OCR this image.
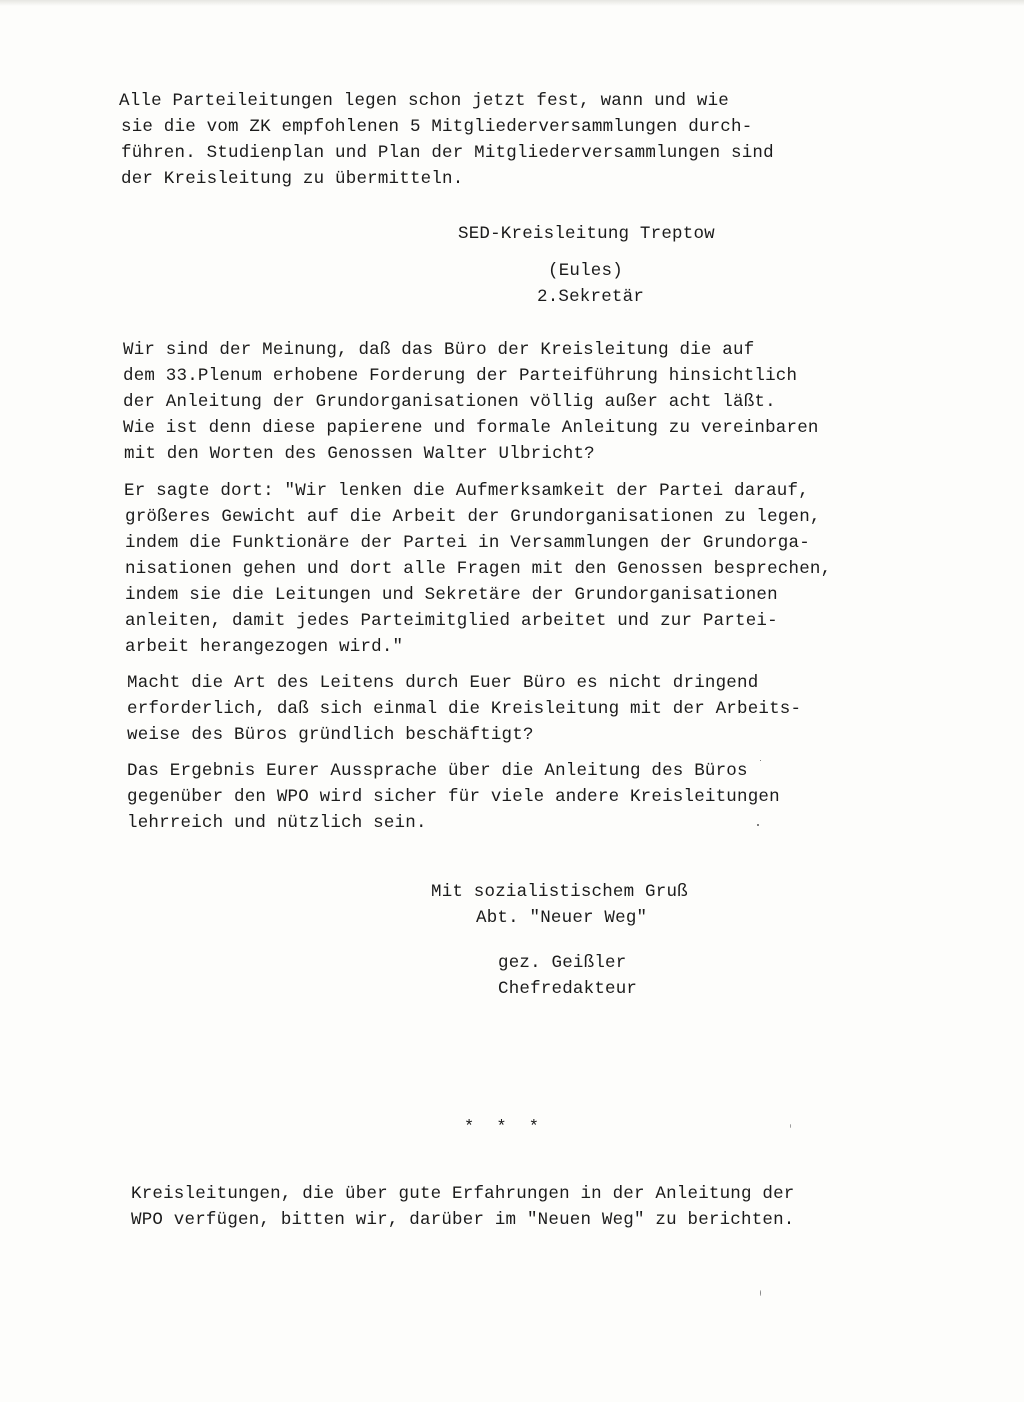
Alle Parteileitungen legen schon jetzt fest, wann und wie
sie die vom ZK empfohlenen 5 Mitgliederversammlungen durch-
führen. Studienplan und Plan der Mitgliederversammlungen sind
der Kreisleitung zu übermitteln.
SED-Kreisleitung Treptow
(Eules)
2.Sekretär
Wir sind der Meinung, daß das Büro der Kreisleitung die auf
dem 33.Plenum erhobene Forderung der Parteiführung hinsichtlich
der Anleitung der Grundorganisationen völlig außer acht läßt.
Wie ist denn diese papierene und formale Anleitung zu vereinbaren
mit den Worten des Genossen Walter Ulbricht?
Er sagte dort: "Wir lenken die Aufmerksamkeit der Partei darauf,
größeres Gewicht auf die Arbeit der Grundorganisationen zu legen,
indem die Funktionäre der Partei in Versammlungen der Grundorga-
nisationen gehen und dort alle Fragen mit den Genossen besprechen,
indem sie die Leitungen und Sekretäre der Grundorganisationen
anleiten, damit jedes Parteimitglied arbeitet und zur Partei-
arbeit herangezogen wird."
Macht die Art des Leitens durch Euer Büro es nicht dringend
erforderlich, daß sich einmal die Kreisleitung mit der Arbeits-
weise des Büros gründlich beschäftigt?
Das Ergebnis Eurer Aussprache über die Anleitung des Büros
gegenüber den WPO wird sicher für viele andere Kreisleitungen
lehrreich und nützlich sein.
Mit sozialistischem Gruß
Abt. "Neuer Weg"
gez. Geißler
Chefredakteur
* * *
Kreisleitungen, die über gute Erfahrungen in der Anleitung der
WPO verfügen, bitten wir, darüber im "Neuen Weg" zu berichten.
